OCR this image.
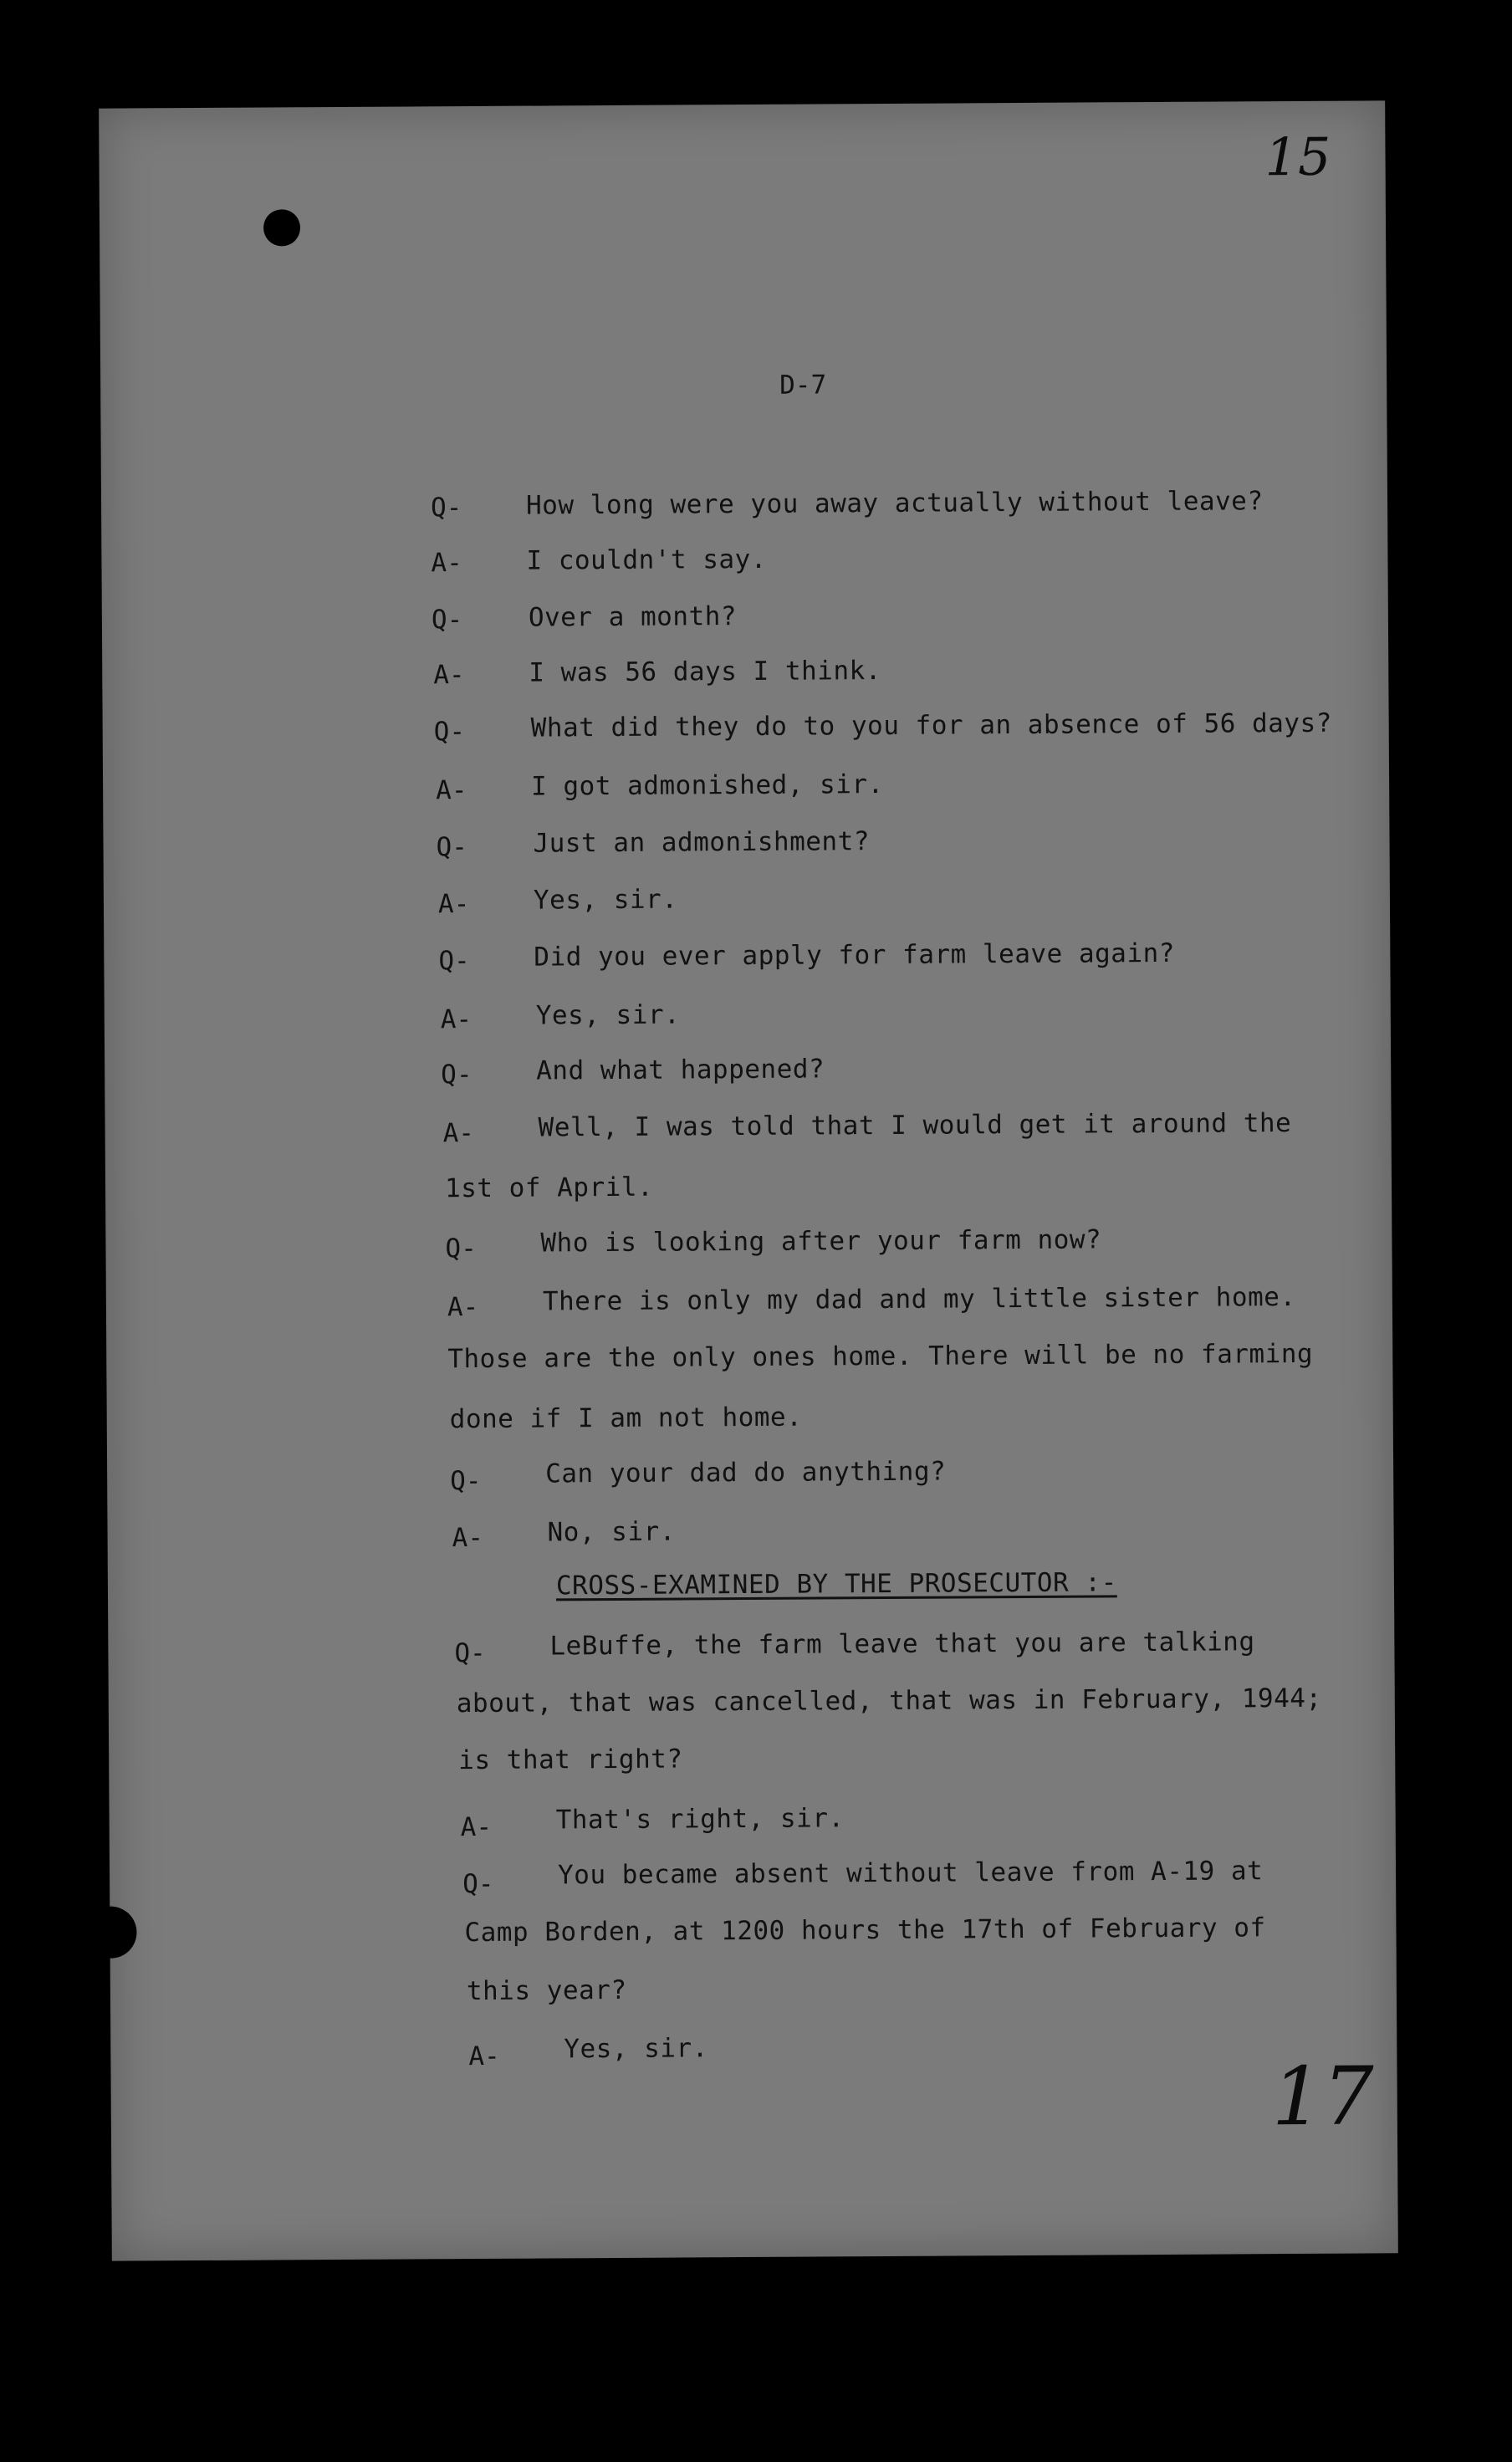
15
17
D-7
Q- How long were you away actually without leave?
A- I couldn't say.
Q-	Over a month?
A- I was 56 days I think.
Q-	What did they do to you for an absence of 56 days?
A- I got admonished, sir.
Q-	Just an admonishment?
A- Yes, sir.
Q- Did you ever apply for farm leave again?
A- Yes, sir.
Q- And what happened?
A- Well, I was told that I would get it around the
1st of April.
Q- Who is looking after your farm now?
A- There is only my dad and my little sister home.
Those are the only ones home. There will be no farming
done if I am not home.
Q- Can your dad do anything?
A- No, sir.
CROSS-EXAMINED BY THE PROSECUTOR :-
Q- LeBuffe, the farm leave that you are talking
about, that was cancelled, that was in February, 1944;
is that right?
A- That's right, sir.
Q- You became absent without leave from A-19 at
Camp Borden, at 1200 hours the 17th of February of
this year?
A- Yes, sir.
